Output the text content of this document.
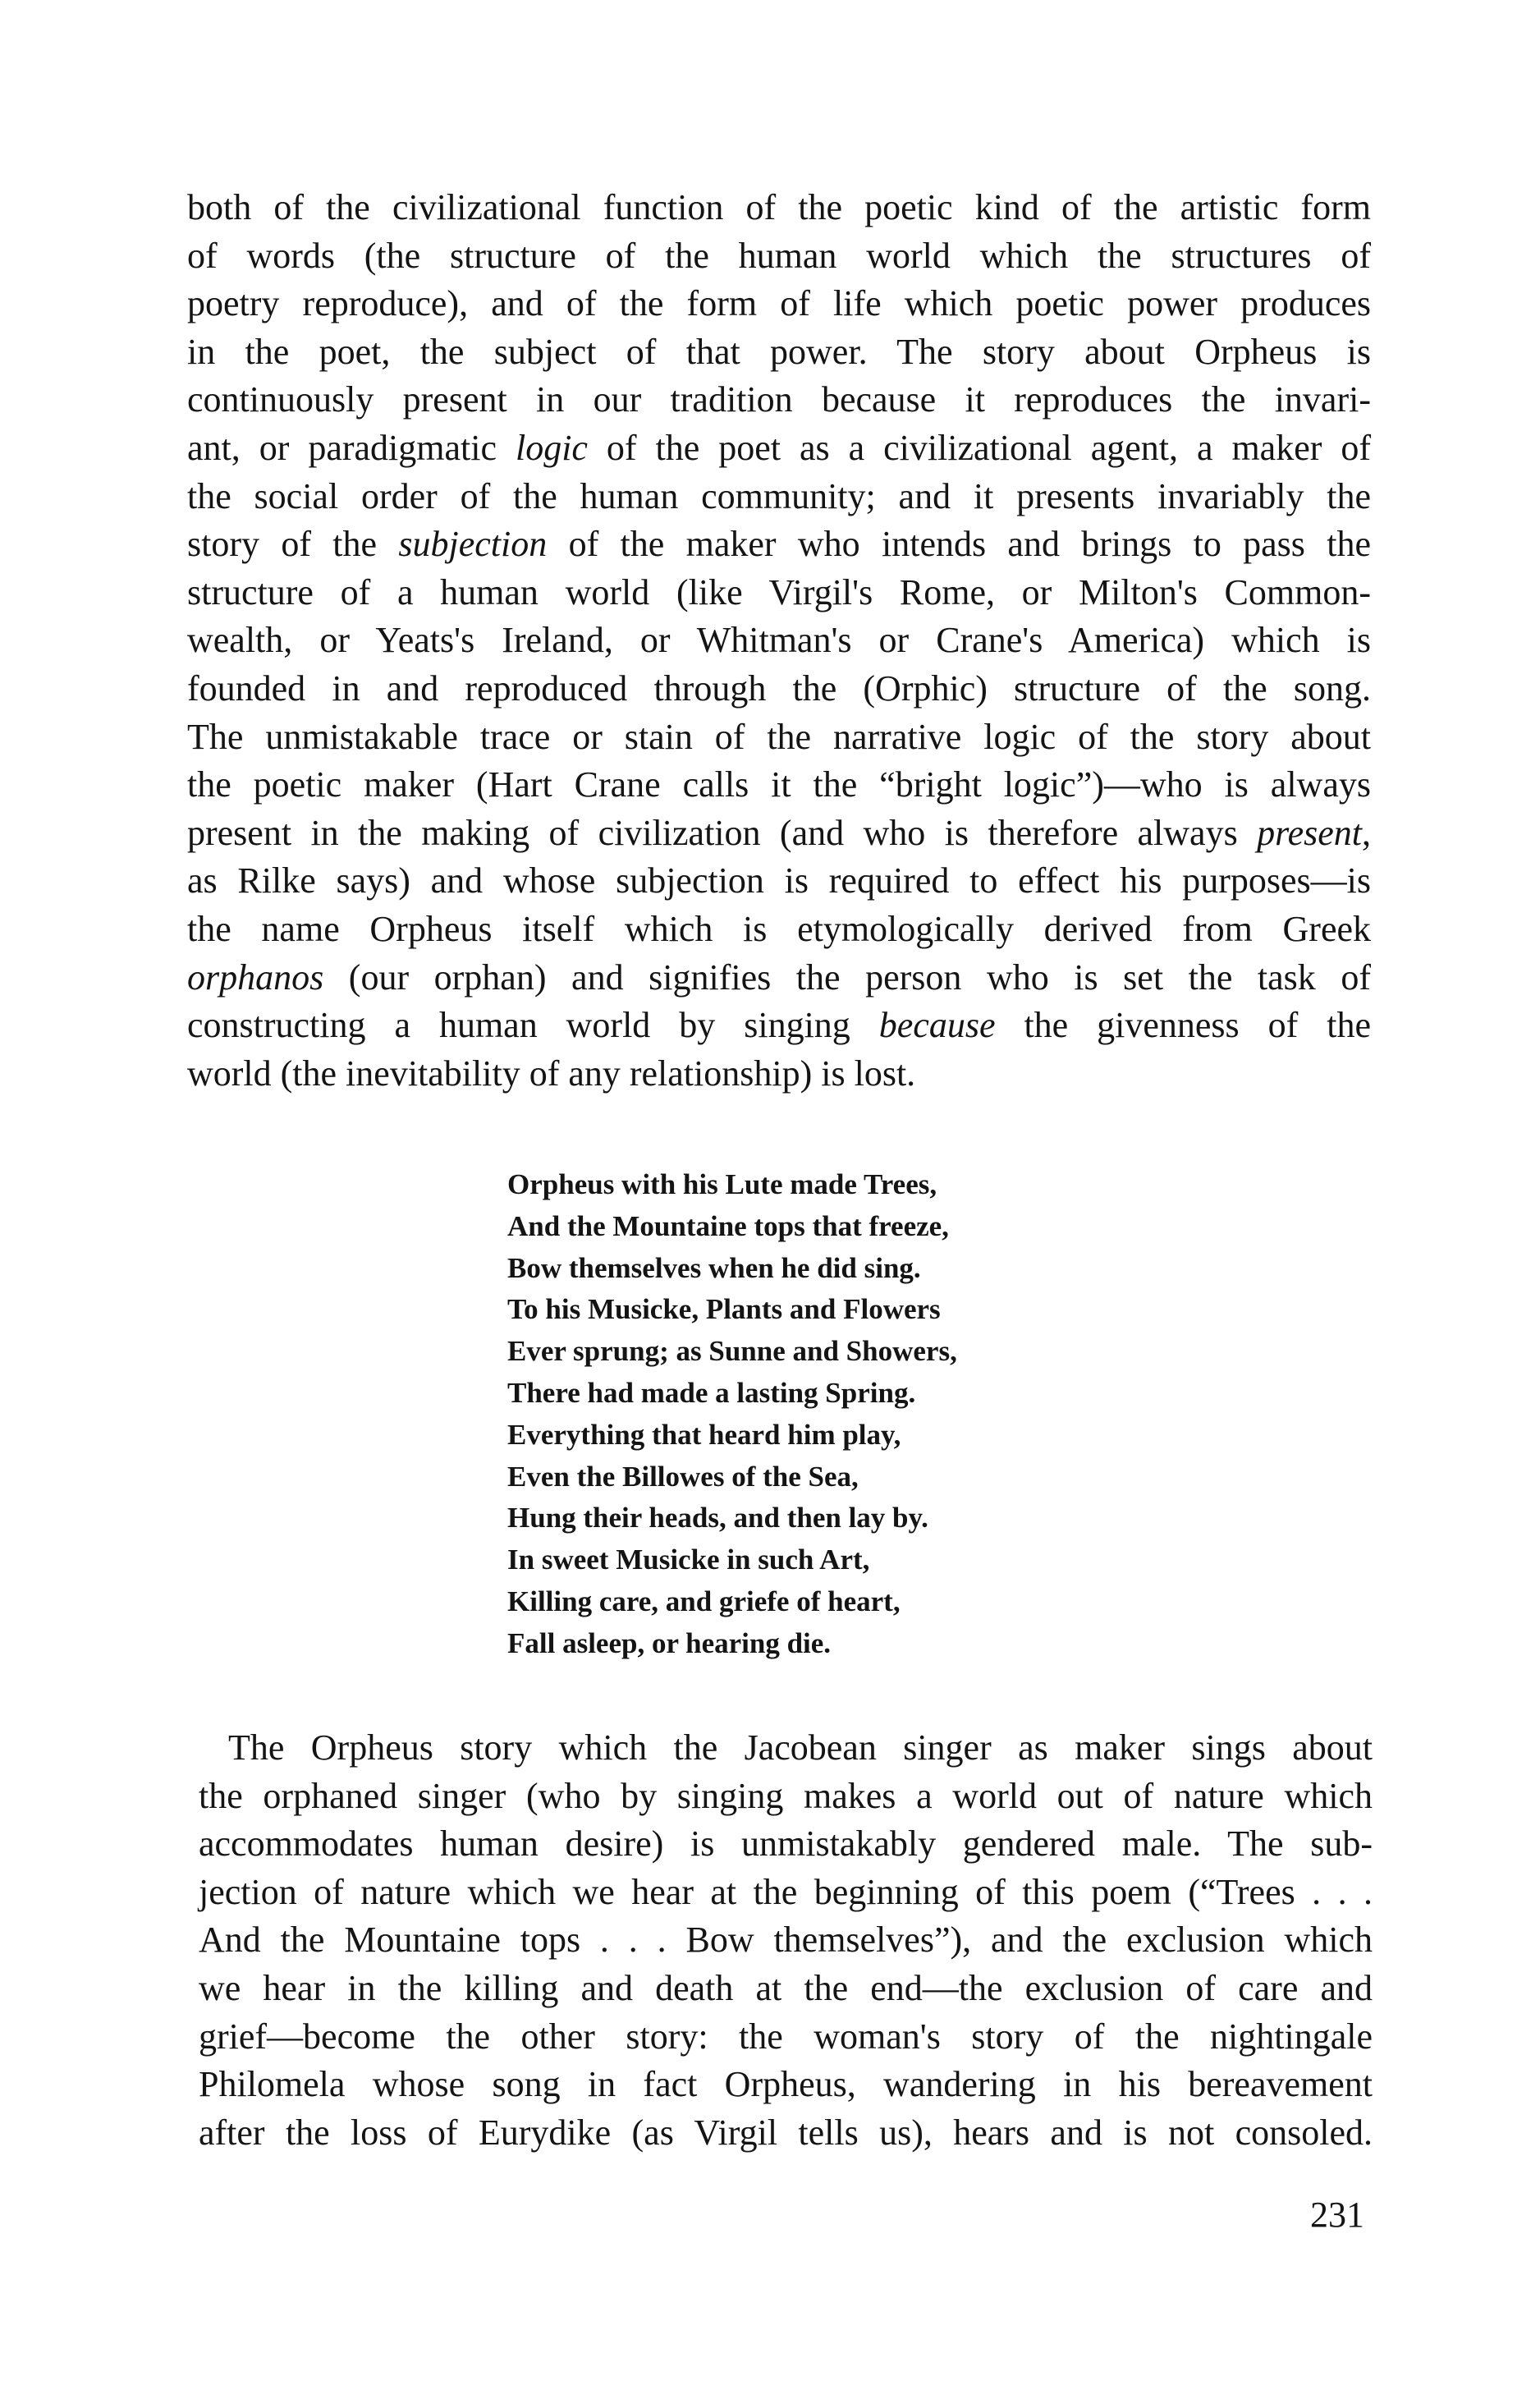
both of the civilizational function of the poetic kind of the artistic form
of words (the structure of the human world which the structures of
poetry reproduce), and of the form of life which poetic power produces
in the poet, the subject of that power. The story about Orpheus is
continuously present in our tradition because it reproduces the invari-
ant, or paradigmatic logic of the poet as a civilizational agent, a maker of
the social order of the human community; and it presents invariably the
story of the subjection of the maker who intends and brings to pass the
structure of a human world (like Virgil's Rome, or Milton's Common-
wealth, or Yeats's Ireland, or Whitman's or Crane's America) which is
founded in and reproduced through the (Orphic) structure of the song.
The unmistakable trace or stain of the narrative logic of the story about
the poetic maker (Hart Crane calls it the “bright logic”)—who is always
present in the making of civilization (and who is therefore always present,
as Rilke says) and whose subjection is required to effect his purposes—is
the name Orpheus itself which is etymologically derived from Greek
orphanos (our orphan) and signifies the person who is set the task of
constructing a human world by singing because the givenness of the
world (the inevitability of any relationship) is lost.
Orpheus with his Lute made Trees,
And the Mountaine tops that freeze,
Bow themselves when he did sing.
To his Musicke, Plants and Flowers
Ever sprung; as Sunne and Showers,
There had made a lasting Spring.
Everything that heard him play,
Even the Billowes of the Sea,
Hung their heads, and then lay by.
In sweet Musicke in such Art,
Killing care, and griefe of heart,
Fall asleep, or hearing die.
The Orpheus story which the Jacobean singer as maker sings about
the orphaned singer (who by singing makes a world out of nature which
accommodates human desire) is unmistakably gendered male. The sub-
jection of nature which we hear at the beginning of this poem (“Trees . . .
And the Mountaine tops . . . Bow themselves”), and the exclusion which
we hear in the killing and death at the end—the exclusion of care and
grief—become the other story: the woman's story of the nightingale
Philomela whose song in fact Orpheus, wandering in his bereavement
after the loss of Eurydike (as Virgil tells us), hears and is not consoled.
231
